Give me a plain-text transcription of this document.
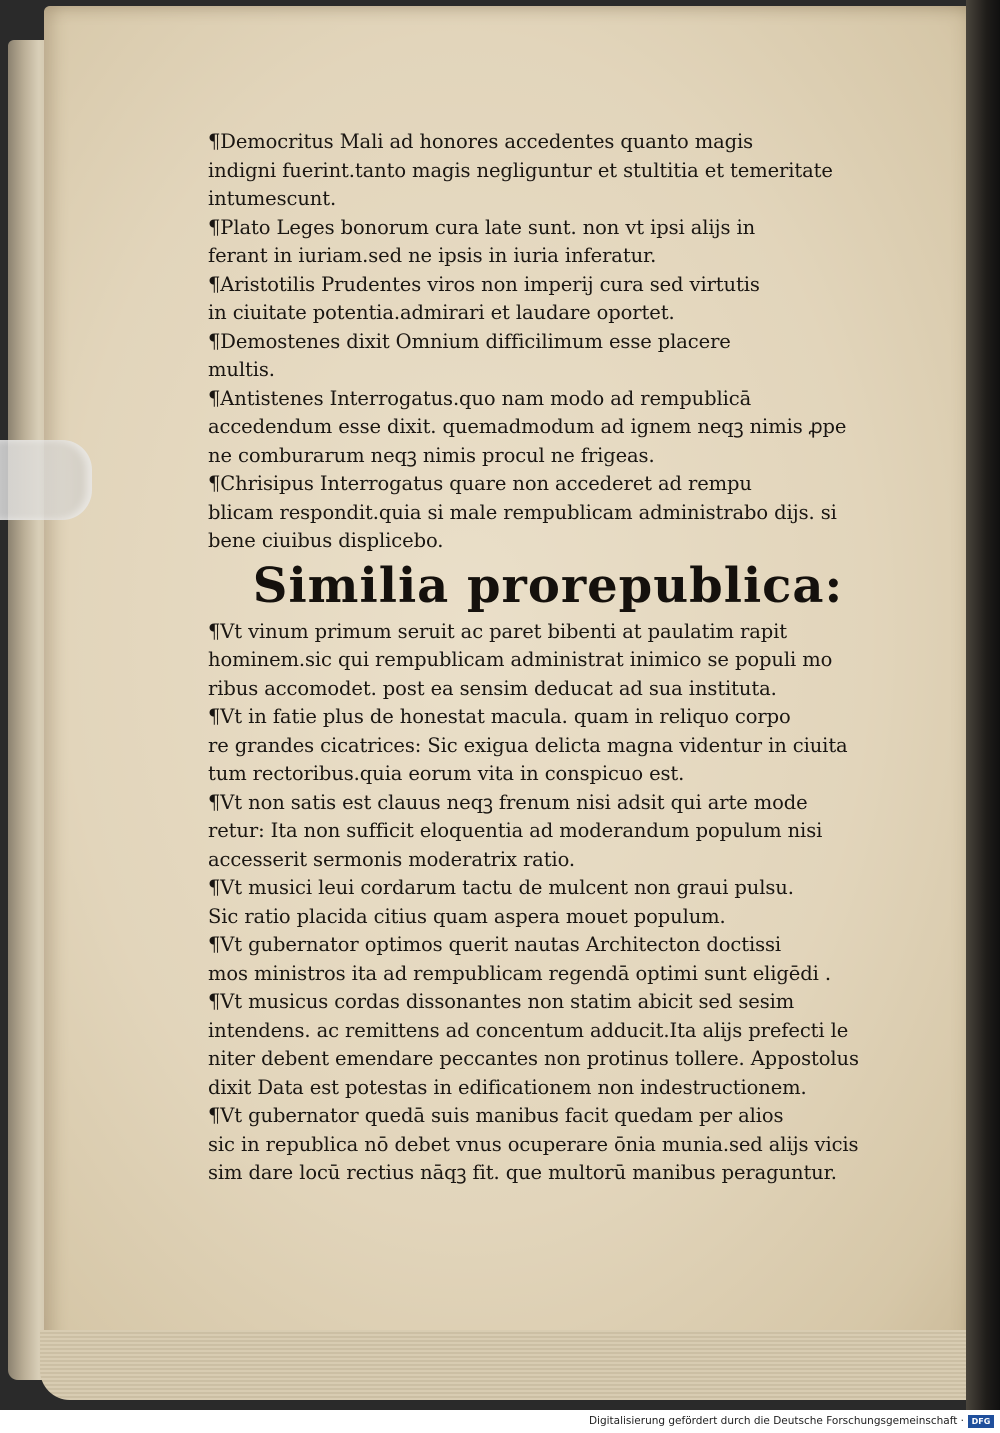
¶Democritus Mali ad honores accedentes quanto magis
indigni fuerint.tanto magis negliguntur et stultitia et temeritate
intumescunt.
¶Plato Leges bonorum cura late sunt. non vt ipsi alijs in
ferant in iuriam.sed ne ipsis in iuria inferatur.
¶Aristotilis Prudentes viros non imperij cura sed virtutis
in ciuitate potentia.admirari et laudare oportet.
¶Demostenes dixit Omnium difficilimum esse placere
multis.
¶Antistenes Interrogatus.quo nam modo ad rempublicā
accedendum esse dixit. quemadmodum ad ignem neqꝫ nimis ꝓpe
ne comburarum neqꝫ nimis procul ne frigeas.
¶Chrisipus Interrogatus quare non accederet ad rempu
blicam respondit.quia si male rempublicam administrabo dijs. si
bene ciuibus displicebo.
Similia prorepublica:
¶Vt vinum primum seruit ac paret bibenti at paulatim rapit
hominem.sic qui rempublicam administrat inimico se populi mo
ribus accomodet. post ea sensim deducat ad sua instituta.
¶Vt in fatie plus de honestat macula. quam in reliquo corpo
re grandes cicatrices: Sic exigua delicta magna videntur in ciuita
tum rectoribus.quia eorum vita in conspicuo est.
¶Vt non satis est clauus neqꝫ frenum nisi adsit qui arte mode
retur: Ita non sufficit eloquentia ad moderandum populum nisi
accesserit sermonis moderatrix ratio.
¶Vt musici leui cordarum tactu de mulcent non graui pulsu.
Sic ratio placida citius quam aspera mouet populum.
¶Vt gubernator optimos querit nautas Architecton doctissi
mos ministros ita ad rempublicam regendā optimi sunt eligēdi .
¶Vt musicus cordas dissonantes non statim abicit sed sesim
intendens. ac remittens ad concentum adducit.Ita alijs prefecti le
niter debent emendare peccantes non protinus tollere. Appostolus
dixit Data est potestas in edificationem non indestructionem.
¶Vt gubernator quedā suis manibus facit quedam per alios
sic in republica nō debet vnus ocuperare ōnia munia.sed alijs vicis
sim dare locū rectius nāqꝫ fit. que multorū manibus peraguntur.
Digitalisierung gefördert durch die Deutsche Forschungsgemeinschaft · DFG
